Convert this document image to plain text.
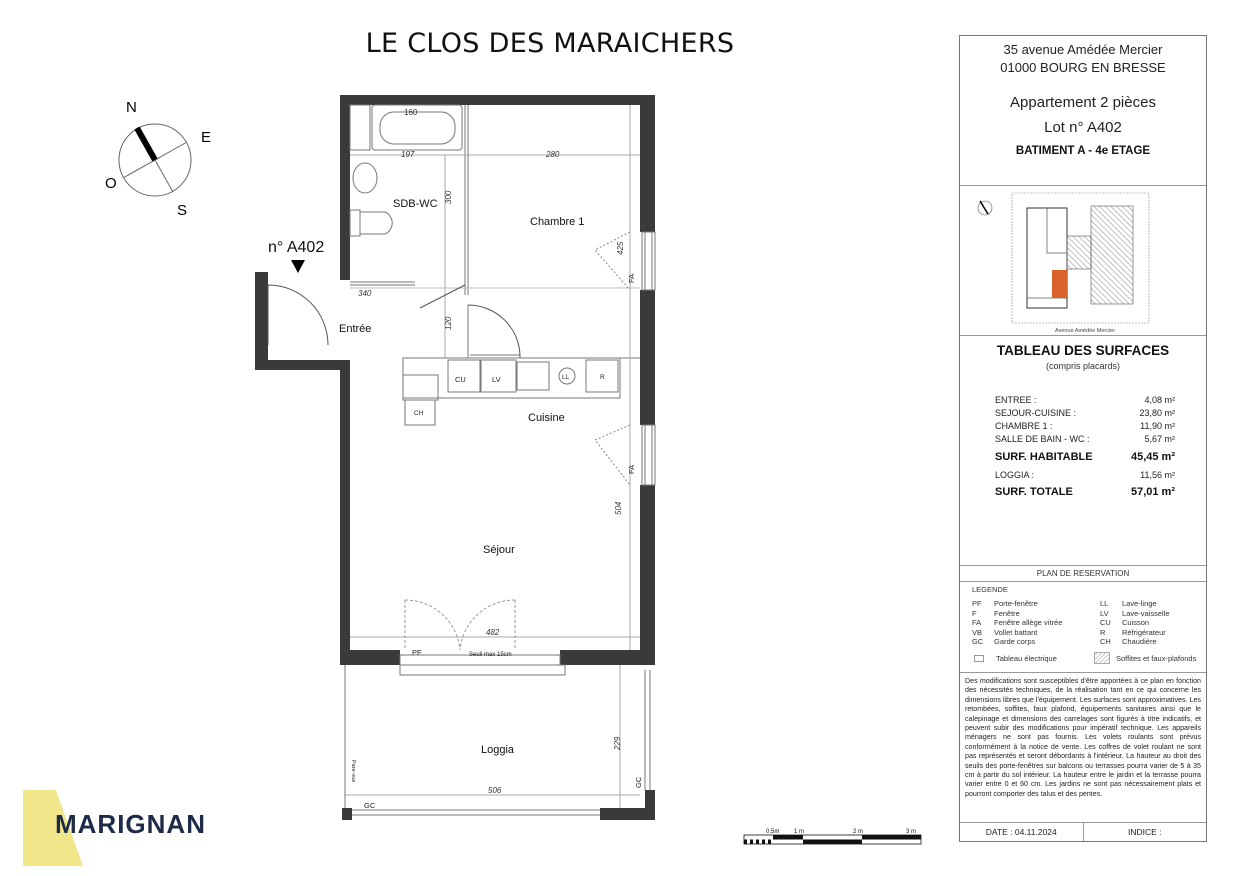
LE CLOS DES MARAICHERS
N
E
S
O
n° A402
SDB-WC
Chambre 1
Entrée
Cuisine
Séjour
Loggia
160
197	280
300
425
340
120
504
482
229
506
FA
FA
PF	Seuil max 15cm
Pare-vue
GC
GC
CU	LV	LL	R
CH
MARIGNAN	0.5m 1 m	2 m	3 m
35 avenue Amédée Mercier
01000 BOURG EN BRESSE
Appartement 2 pièces
Lot n° A402
BATIMENT A - 4e ETAGE
Avenue Amédée Mercier
TABLEAU DES SURFACES
(compris placards)
ENTREE :	4,08 m²
SEJOUR-CUISINE :	23,80 m²
CHAMBRE 1 :	11,90 m²
SALLE DE BAIN - WC :	5,67 m²
SURF. HABITABLE	45,45 m²
LOGGIA :	11,56 m²
SURF. TOTALE	57,01 m²
PLAN DE RESERVATION
LEGENDE
PF Porte-fenêtre
F Fenêtre
FA Fenêtre allège vitrée
VB Vollet battant
GC Garde corps
LL Lave-linge
LV Lave-vaisselle
CU Cuisson
R Réfrigérateur
CH Chaudière
Tableau électrique	Soffites et faux-plafonds
Des modifications sont susceptibles d'être apportées à ce plan en fonction des nécessités techniques, de la réalisation tant en ce qui concerne les dimensions libres que l'équipement. Les surfaces sont approximatives. Les retombées, soffites, faux plafond, équipements sanitaires ainsi que le calepinage et dimensions des carrelages sont figurés à titre indicatifs, et peuvent subir des modifications pour impératif technique. Les appareils ménagers ne sont pas fournis. Les volets roulants sont prévus conformément à la notice de vente. Les coffres de volet roulant ne sont pas représentés et seront débordants à l'intérieur. La hauteur au droit des seuils des porte-fenêtres sur balcons ou terrasses pourra varier de 5 à 35 cm à partir du sol intérieur. La hauteur entre le jardin et la terrasse pourra varier entre 0 et 60 cm. Les jardins ne sont pas nécessairement plats et pourront comporter des talus et des pentes.
DATE : 04.11.2024	INDICE :
